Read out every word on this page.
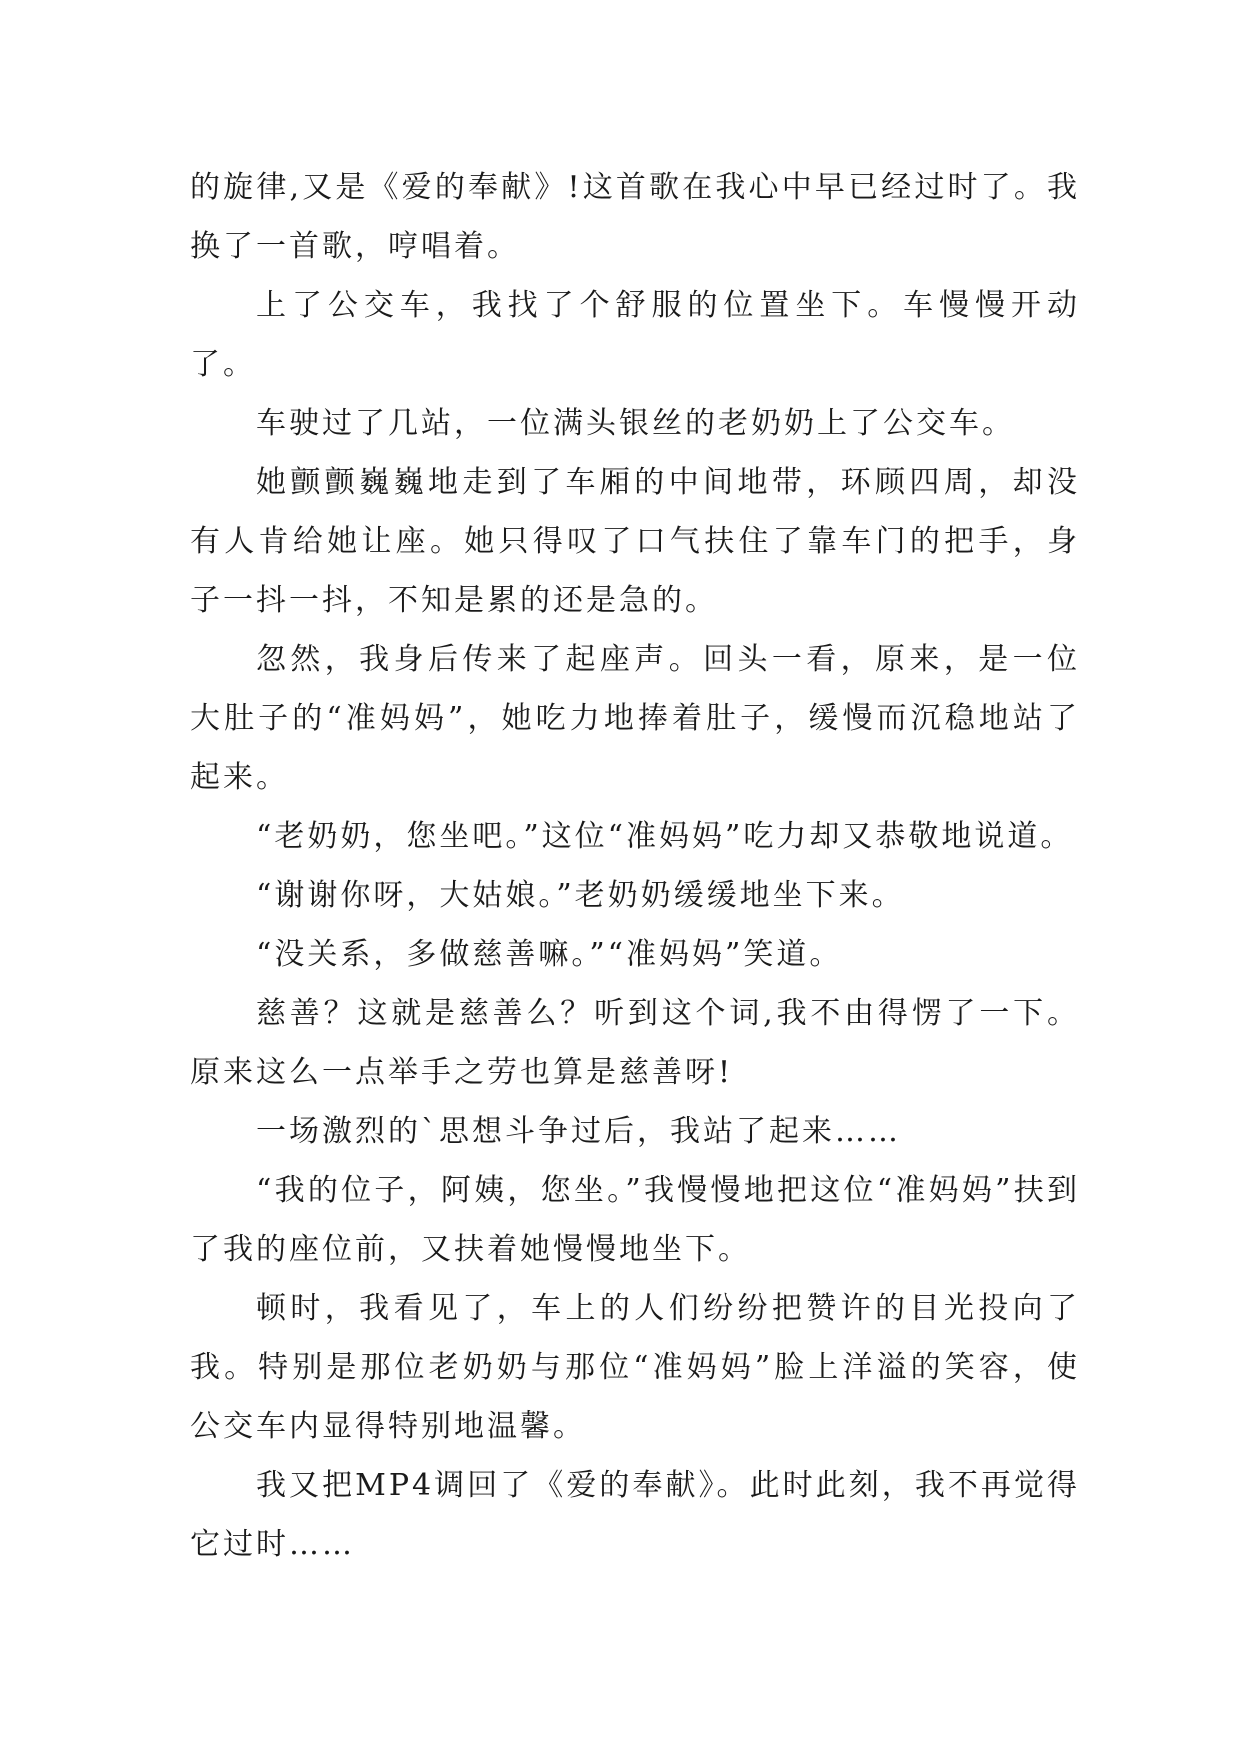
的旋律,又是《爱的奉献》!这首歌在我心中早已经过时了。我换了一首歌，哼唱着。

上了公交车，我找了个舒服的位置坐下。车慢慢开动了。

车驶过了几站，一位满头银丝的老奶奶上了公交车。

她颤颤巍巍地走到了车厢的中间地带，环顾四周，却没有人肯给她让座。她只得叹了口气扶住了靠车门的把手，身子一抖一抖，不知是累的还是急的。

忽然，我身后传来了起座声。回头一看，原来，是一位大肚子的“准妈妈”，她吃力地捧着肚子，缓慢而沉稳地站了起来。

“老奶奶，您坐吧。”这位“准妈妈”吃力却又恭敬地说道。

“谢谢你呀，大姑娘。”老奶奶缓缓地坐下来。

“没关系，多做慈善嘛。”“准妈妈”笑道。

慈善？这就是慈善么？听到这个词,我不由得愣了一下。原来这么一点举手之劳也算是慈善呀!

一场激烈的`思想斗争过后，我站了起来……

“我的位子，阿姨，您坐。”我慢慢地把这位“准妈妈”扶到了我的座位前，又扶着她慢慢地坐下。

顿时，我看见了，车上的人们纷纷把赞许的目光投向了我。特别是那位老奶奶与那位“准妈妈”脸上洋溢的笑容，使公交车内显得特别地温馨。

我又把MP4调回了《爱的奉献》。此时此刻，我不再觉得它过时……
